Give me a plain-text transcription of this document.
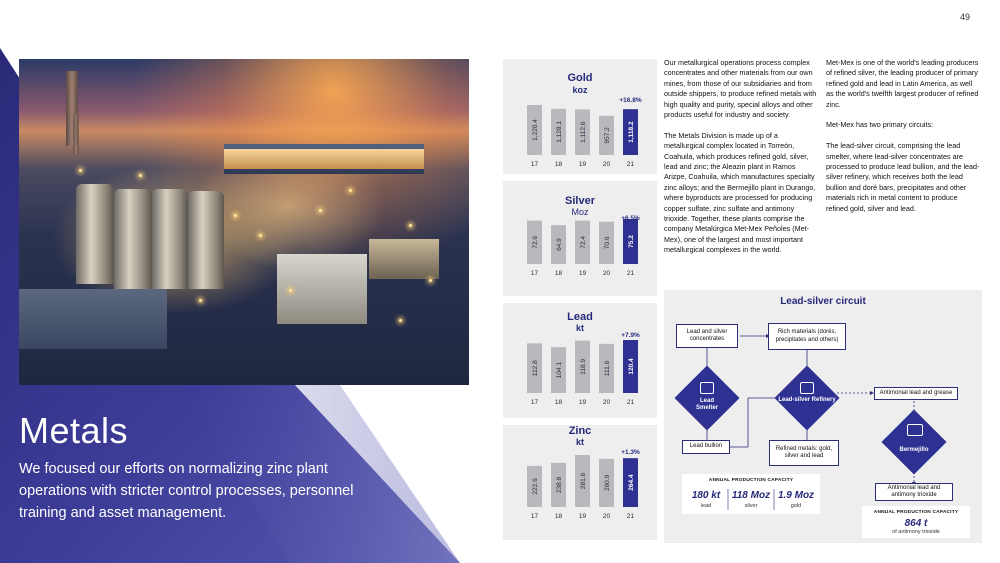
49
Metals

We focused our efforts on normalizing zinc plant operations with stricter control processes, personnel training and asset management.

Gold
koz
1,220.4
17
1,128.1
18
1,112.6
19
957.2
20
1,118.2
21
+16.8%
Silver
Moz
72.6
17
64.9
18
72.4
19
70.6
20
75.2
21
+6.5%
Lead
kt
112.8
17
104.1
18
118.9
19
111.6
20
120.4
21
+7.9%
Zinc
kt
222.6
17
238.8
18
281.6
19
260.9
20
264.4
21
+1.3%

Our metallurgical operations process complex concentrates and other materials from our own mines, from those of our subsidiaries and from outside shippers, to produce refined metals with high quality and purity, special alloys and other products useful for industry and society.

The Metals Division is made up of a metallurgical complex located in Torreón, Coahuila, which produces refined gold, silver, lead and zinc; the Aleazin plant in Ramos Arizpe, Coahuila, which manufactures specialty zinc alloys; and the Bermejillo plant in Durango, where byproducts are processed for producing copper sulfate, zinc sulfate and antimony trioxide. Together, these plants comprise the company Metalúrgica Met-Mex Peñoles (Met-Mex), one of the largest and most important metallurgical complexes in the world.

Met-Mex is one of the world's leading producers of refined silver, the leading producer of primary refined gold and lead in Latin America, as well as the world's twelfth largest producer of refined zinc.

Met-Mex has two primary circuits:

The lead-silver circuit, comprising the lead smelter, where lead-silver concentrates are processed to produce lead bullion, and the lead-silver refinery, which receives both the lead bullion and doré bars, precipitates and other materials rich in metal content to produce refined gold, silver and lead.

Lead-silver circuit
Lead and silver concentrates
Rich materials (dorés, precipitates and others)
Lead Smelter
Lead-silver Refinery
Lead bullion	Refined metals: gold, silver and lead
Antimonial lead and grease
Bermejillo
Antimonial lead and antimony trioxide
ANNUAL PRODUCTION CAPACITY
180 kt
lead
118 Moz
silver
1.9 Moz
gold
ANNUAL PRODUCTION CAPACITY
864 t
of antimony trioxide
